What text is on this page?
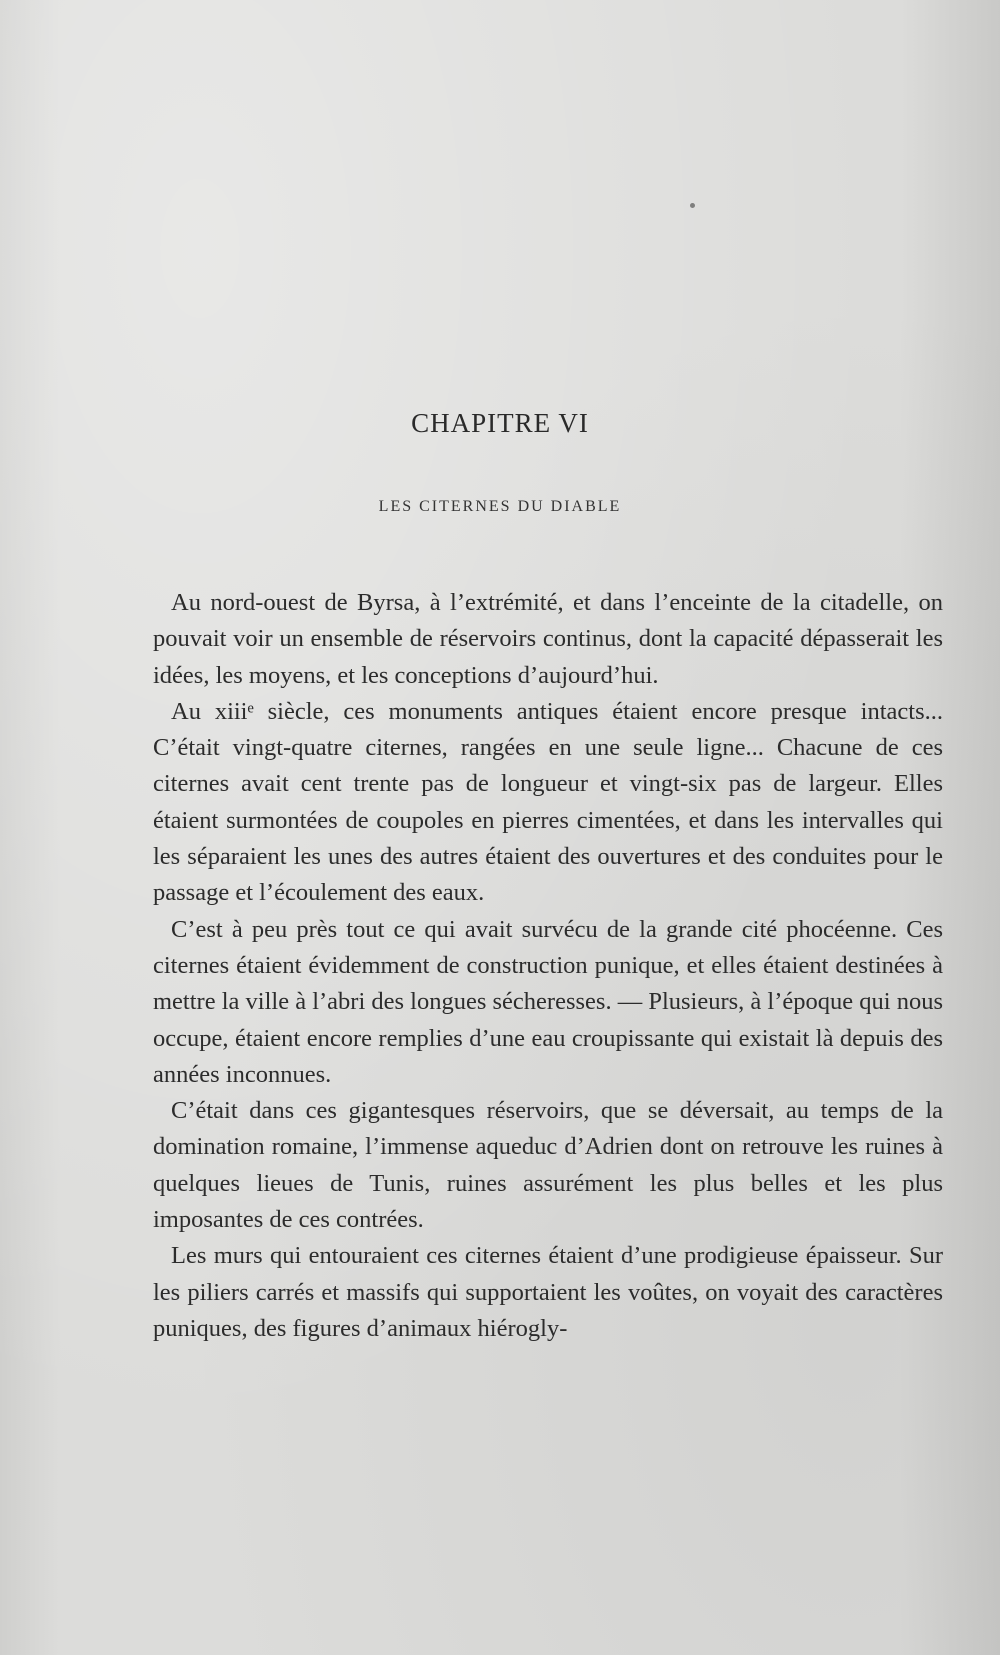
CHAPITRE VI
LES CITERNES DU DIABLE

Au nord-ouest de Byrsa, à l’extrémité, et dans l’enceinte de la citadelle, on pouvait voir un ensemble de réservoirs continus, dont la capacité dépasserait les idées, les moyens, et les conceptions d’aujourd’hui.

Au xiiiᵉ siècle, ces monuments antiques étaient encore presque intacts... C’était vingt-quatre citernes, rangées en une seule ligne... Chacune de ces citernes avait cent trente pas de longueur et vingt-six pas de largeur. Elles étaient surmontées de coupoles en pierres cimentées, et dans les intervalles qui les séparaient les unes des autres étaient des ouvertures et des conduites pour le passage et l’écoulement des eaux.

C’est à peu près tout ce qui avait survécu de la grande cité phocéenne. Ces citernes étaient évidemment de construction punique, et elles étaient destinées à mettre la ville à l’abri des longues sécheresses. — Plusieurs, à l’époque qui nous occupe, étaient encore remplies d’une eau croupissante qui existait là depuis des années inconnues.

C’était dans ces gigantesques réservoirs, que se déversait, au temps de la domination romaine, l’immense aqueduc d’Adrien dont on retrouve les ruines à quelques lieues de Tunis, ruines assurément les plus belles et les plus imposantes de ces contrées.

Les murs qui entouraient ces citernes étaient d’une prodigieuse épaisseur. Sur les piliers carrés et massifs qui supportaient les voûtes, on voyait des caractères puniques, des figures d’animaux hiérogly-
